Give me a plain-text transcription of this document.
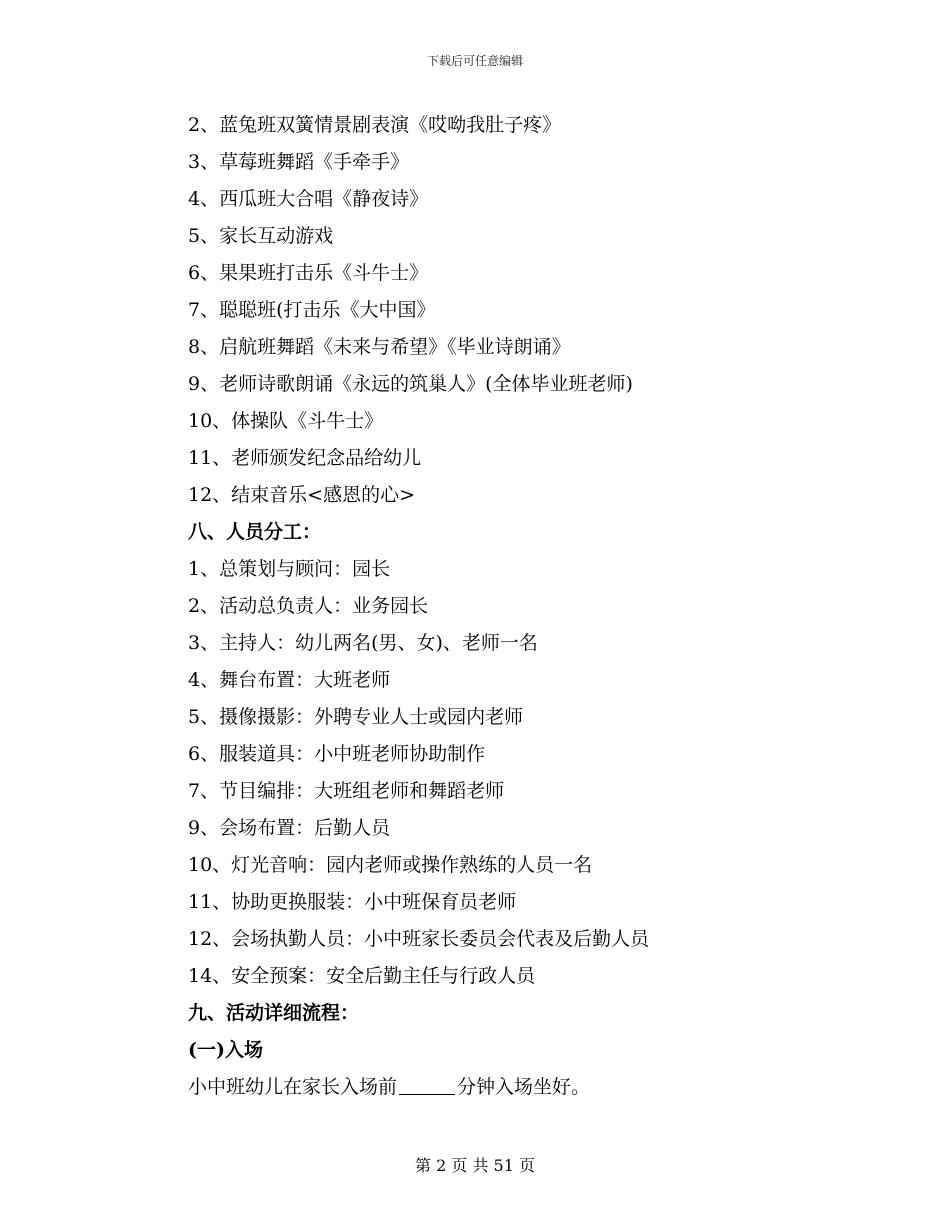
下载后可任意编辑
2、蓝兔班双簧情景剧表演《哎呦我肚子疼》
3、草莓班舞蹈《手牵手》
4、西瓜班大合唱《静夜诗》
5、家长互动游戏
6、果果班打击乐《斗牛士》
7、聪聪班(打击乐《大中国》
8、启航班舞蹈《未来与希望》《毕业诗朗诵》
9、老师诗歌朗诵《永远的筑巢人》(全体毕业班老师)
10、体操队《斗牛士》
11、老师颁发纪念品给幼儿
12、结束音乐<感恩的心>
八、人员分工：
1、总策划与顾问：园长
2、活动总负责人：业务园长
3、主持人：幼儿两名(男、女)、老师一名
4、舞台布置：大班老师
5、摄像摄影：外聘专业人士或园内老师
6、服装道具：小中班老师协助制作
7、节目编排：大班组老师和舞蹈老师
9、会场布置：后勤人员
10、灯光音响：园内老师或操作熟练的人员一名
11、协助更换服装：小中班保育员老师
12、会场执勤人员：小中班家长委员会代表及后勤人员
14、安全预案：安全后勤主任与行政人员
九、活动详细流程：
(一)入场
小中班幼儿在家长入场前	分钟入场坐好。
第 2 页 共 51 页
